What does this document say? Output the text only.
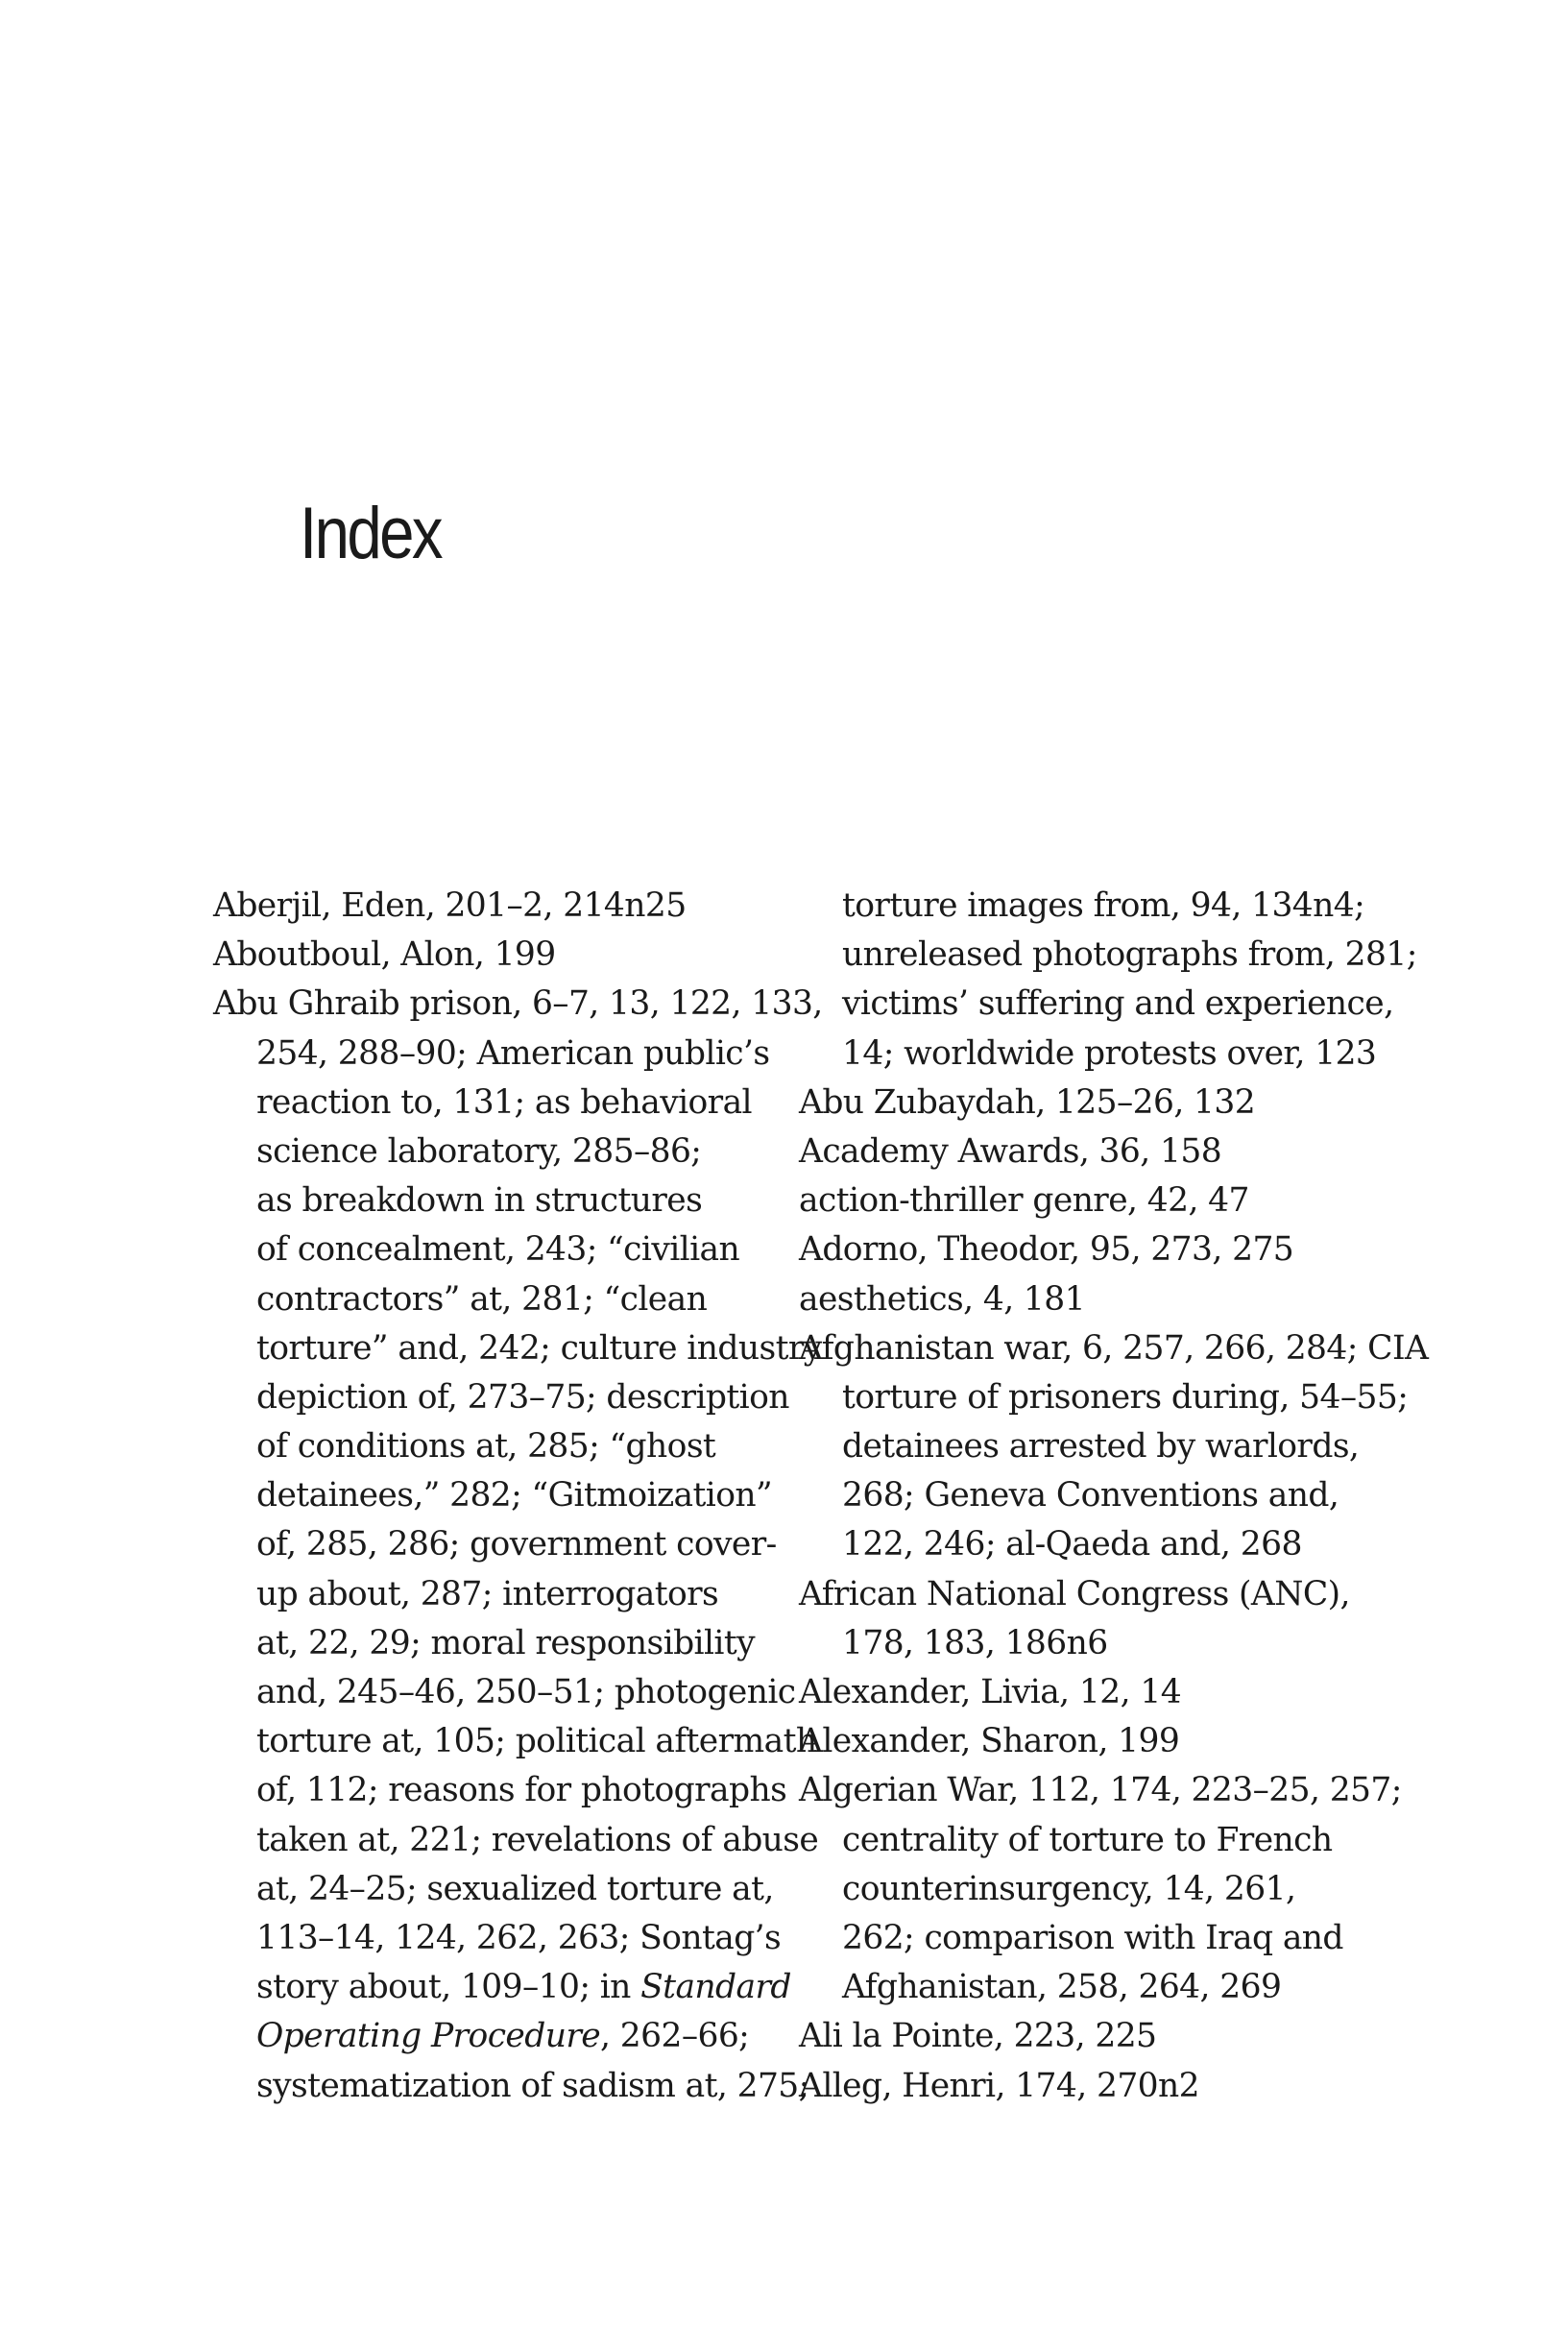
Index
Aberjil, Eden, 201–2, 214n25
Aboutboul, Alon, 199
Abu Ghraib prison, 6–7, 13, 122, 133,
254, 288–90; American public’s
reaction to, 131; as behavioral
science laboratory, 285–86;
as breakdown in structures
of concealment, 243; “civilian
contractors” at, 281; “clean
torture” and, 242; culture industry
depiction of, 273–75; description
of conditions at, 285; “ghost
detainees,” 282; “Gitmoization”
of, 285, 286; government cover-
up about, 287; interrogators
at, 22, 29; moral responsibility
and, 245–46, 250–51; photogenic
torture at, 105; political aftermath
of, 112; reasons for photographs
taken at, 221; revelations of abuse
at, 24–25; sexualized torture at,
113–14, 124, 262, 263; Sontag’s
story about, 109–10; in Standard
Operating Procedure, 262–66;
systematization of sadism at, 275;
torture images from, 94, 134n4;
unreleased photographs from, 281;
victims’ suffering and experience,
14; worldwide protests over, 123
Abu Zubaydah, 125–26, 132
Academy Awards, 36, 158
action-thriller genre, 42, 47
Adorno, Theodor, 95, 273, 275
aesthetics, 4, 181
Afghanistan war, 6, 257, 266, 284; CIA
torture of prisoners during, 54–55;
detainees arrested by warlords,
268; Geneva Conventions and,
122, 246; al-Qaeda and, 268
African National Congress (ANC),
178, 183, 186n6
Alexander, Livia, 12, 14
Alexander, Sharon, 199
Algerian War, 112, 174, 223–25, 257;
centrality of torture to French
counterinsurgency, 14, 261,
262; comparison with Iraq and
Afghanistan, 258, 264, 269
Ali la Pointe, 223, 225
Alleg, Henri, 174, 270n2
